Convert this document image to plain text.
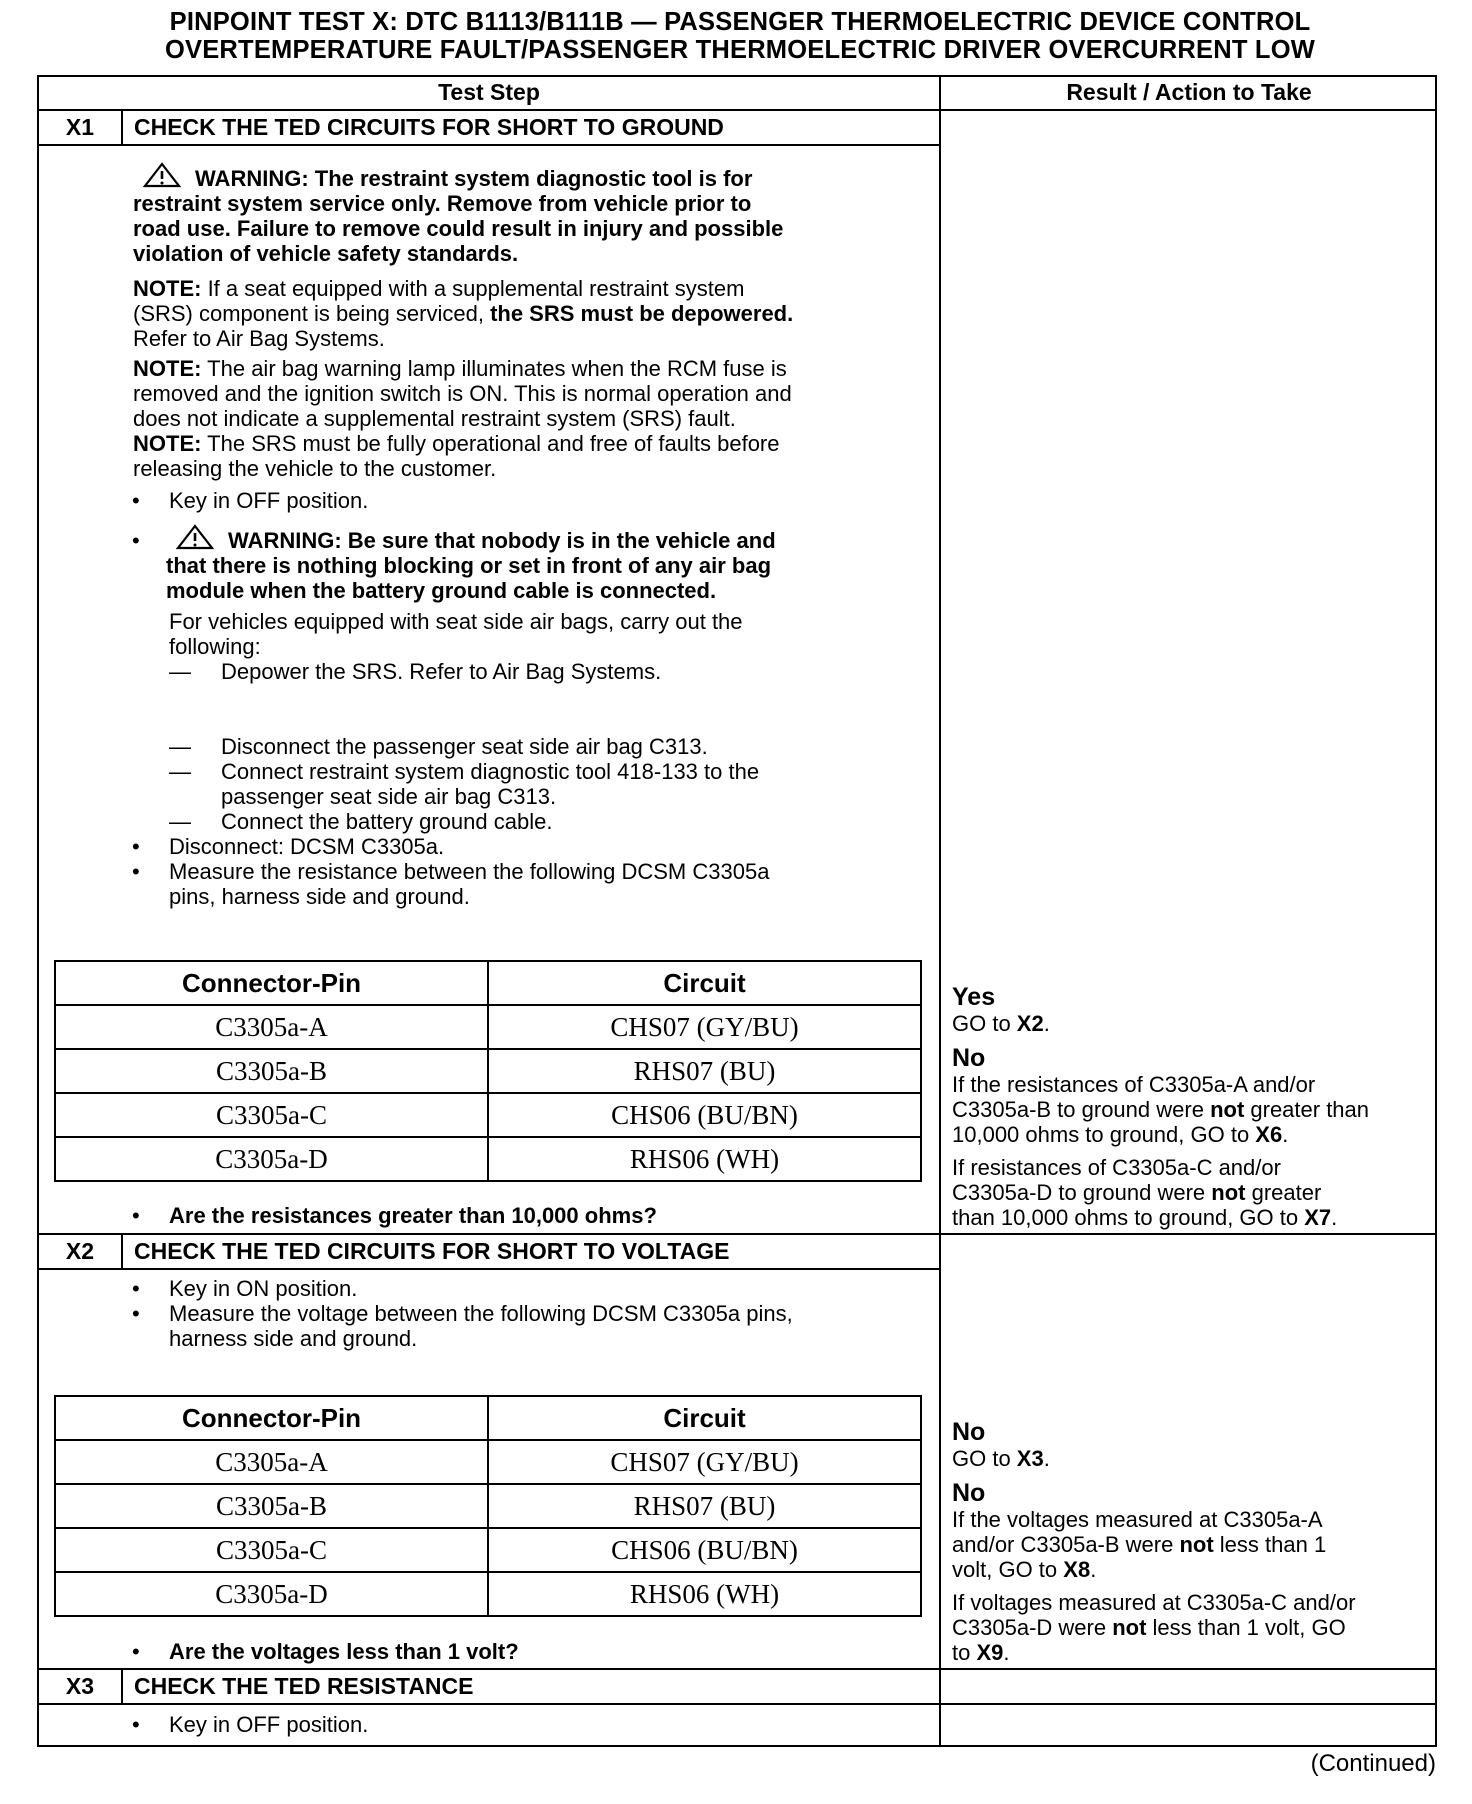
PINPOINT TEST X: DTC B1113/B111B — PASSENGER THERMOELECTRIC DEVICE CONTROL
OVERTEMPERATURE FAULT/PASSENGER THERMOELECTRIC DRIVER OVERCURRENT LOW
Test Step	Result / Action to Take
X1	CHECK THE TED CIRCUITS FOR SHORT TO GROUND
WARNING: The restraint system diagnostic tool is for
restraint system service only. Remove from vehicle prior to
road use. Failure to remove could result in injury and possible
violation of vehicle safety standards.
NOTE: If a seat equipped with a supplemental restraint system
(SRS) component is being serviced, the SRS must be depowered.
Refer to Air Bag Systems.
NOTE: The air bag warning lamp illuminates when the RCM fuse is
removed and the ignition switch is ON. This is normal operation and
does not indicate a supplemental restraint system (SRS) fault.
NOTE: The SRS must be fully operational and free of faults before
releasing the vehicle to the customer.
• Key in OFF position.
•	WARNING: Be sure that nobody is in the vehicle and
that there is nothing blocking or set in front of any air bag
module when the battery ground cable is connected.
For vehicles equipped with seat side air bags, carry out the
following:
— Depower the SRS. Refer to Air Bag Systems.
— Disconnect the passenger seat side air bag C313.
— Connect restraint system diagnostic tool 418-133 to the
passenger seat side air bag C313.
— Connect the battery ground cable.
• Disconnect: DCSM C3305a.
• Measure the resistance between the following DCSM C3305a
pins, harness side and ground.
Connector-Pin	Circuit
C3305a-A	CHS07 (GY/BU)
C3305a-B	RHS07 (BU)
C3305a-C	CHS06 (BU/BN)
C3305a-D	RHS06 (WH)
• Are the resistances greater than 10,000 ohms?
Yes
GO to X2.
No
If the resistances of C3305a-A and/or
C3305a-B to ground were not greater than
10,000 ohms to ground, GO to X6.
If resistances of C3305a-C and/or
C3305a-D to ground were not greater
than 10,000 ohms to ground, GO to X7.
X2	CHECK THE TED CIRCUITS FOR SHORT TO VOLTAGE
• Key in ON position.
• Measure the voltage between the following DCSM C3305a pins,
harness side and ground.
Connector-Pin	Circuit
C3305a-A	CHS07 (GY/BU)
C3305a-B	RHS07 (BU)
C3305a-C	CHS06 (BU/BN)
C3305a-D	RHS06 (WH)
• Are the voltages less than 1 volt?
No
GO to X3.
No
If the voltages measured at C3305a-A
and/or C3305a-B were not less than 1
volt, GO to X8.
If voltages measured at C3305a-C and/or
C3305a-D were not less than 1 volt, GO
to X9.
X3	CHECK THE TED RESISTANCE
• Key in OFF position.
(Continued)
